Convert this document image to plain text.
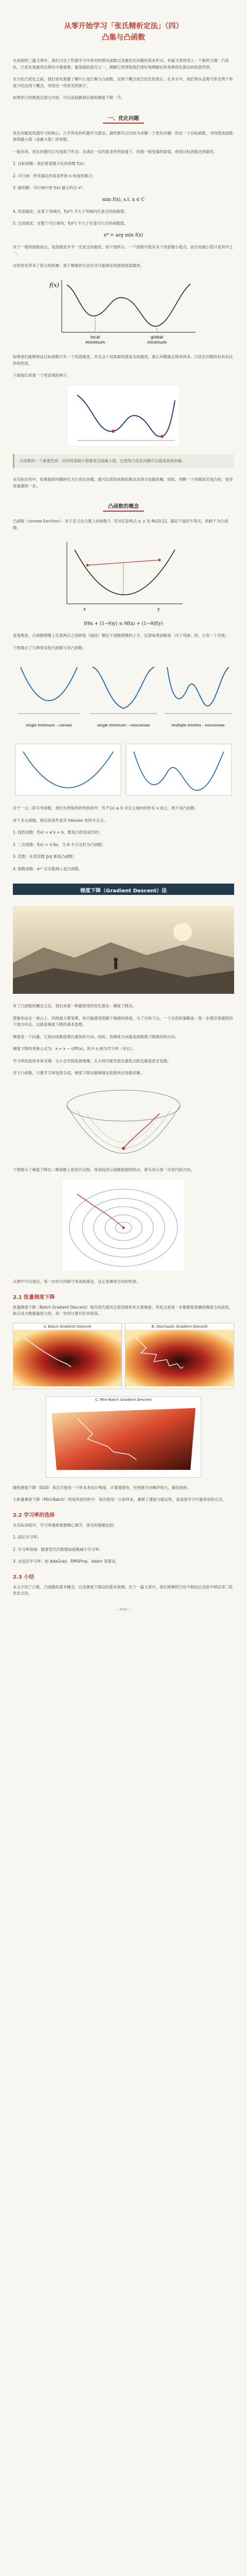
从零开始学习「张氏精析定法」（四）
凸集与凸函数

在前面的三篇文章中，我们讨论了机器学习中常见的损失函数以及最优化问题的基本形式。本篇文章将进入一个新的主题：凸优化。凸优化是最优化理论中最重要、最基础的部分之一，理解它将帮助我们更好地理解后续各种优化算法的收敛性质。

在讨论凸优化之前，我们首先需要了解什么是凸集与凸函数。这两个概念是凸优化的基石。在本文中，我们将从直观与形式两个角度介绍这两个概念，并给出一些常见的例子。

如果你已经熟悉这部分内容，可以直接跳到后面的梯度下降一节。

一、优化问题

优化问题是机器学习的核心。几乎所有的机器学习算法，最终都可以归结为求解一个优化问题：给定一个目标函数，寻找使该函数取得最小值（或最大值）的参数。

一般来说，优化问题可以写成如下形式：在满足一定约束条件的前提下，找到一组变量的取值，使得目标函数达到最优。

1. 目标函数：我们希望最小化的函数 f(x)；

2. 可行域：所有满足约束条件的 x 构成的集合；

3. 最优解：可行域中使 f(x) 最小的点 x*。

min f(x), s.t. x ∈ C

4. 局部最优：在某个邻域内，f(x*) 不大于邻域内任意点的函数值；

5. 全局最优：在整个可行域内，f(x*) 不大于任意可行点的函数值。

x* = arg min f(x)

对于一般的函数而言，局部最优并不一定是全局最优。如下图所示，一个函数可能有多个局部极小值点，而全局最小值只是其中之一。

这给优化带来了很大的困难：基于梯度的方法往往只能保证收敛到局部最优。

f(x)
local
minimum
global
minimum

如果我们能够保证目标函数只有一个局部最优，并且这个局部最优就是全局最优，那么问题就会简单得多。凸优化问题恰恰具有这样的性质。

下面我们来看一个更直观的例子。

凸函数的一个重要性质：任何局部最小值都是全局最小值。这使得凸优化问题可以被高效地求解。

在实际应用中，如果能把问题转化为凸优化问题，就可以使用成熟的算法求得全局最优解。因此，判断一个问题是否是凸的，是非常重要的一步。

凸函数的概念

凸函数（convex function）：对于定义在凸集上的函数 f，若对任意两点 x, y 及 θ∈[0,1]，满足下面的不等式，则称 f 为凸函数。

x	y
f(θx + (1−θ)y) ≤ θf(x) + (1−θ)f(y)

直观地说，凸函数图像上任意两点之间的弦（线段）都位于函数图像的上方。这意味着函数是「向下弯曲」的，只有一个谷底。

下图展示了几种常见的凸函数与非凸函数。

single minimum – convex	single minimum – nonconvex	multiple minima – nonconvex

对于一元二阶可导函数，我们有更简单的判别条件：若 f″(x) ≥ 0 对定义域内的所有 x 成立，则 f 是凸函数。

对于多元函数，相应的条件是其 Hessian 矩阵半正定。

1. 线性函数：f(x) = aᵀx + b，既是凸的也是凹的；

2. 二次函数：f(x) = xᵀAx，当 A 半正定时为凸函数；

3. 范数：任意范数 ‖x‖ 都是凸函数；

4. 指数函数：eᵃˣ 在实数域上是凸函数。

梯度下降（Gradient Descent）法

有了凸函数的概念之后，我们来看一种最常用的优化算法：梯度下降法。

想象你站在一座山上，四周被大雾笼罩，你只能感受到脚下地面的坡度。为了尽快下山，一个自然的策略是：每一步都沿着最陡的下坡方向走。这就是梯度下降的基本思想。

梯度是一个向量，它指向函数值增长最快的方向。因此，负梯度方向就是函数值下降最快的方向。

梯度下降的更新公式为：x ← x − η∇f(x)，其中 η 称为学习率（步长）。

学习率的选择非常关键：太小会导致收敛缓慢，太大则可能导致在最优点附近震荡甚至发散。

对于凸函数，只要学习率选择合适，梯度下降法能够保证收敛到全局最优解。

下图展示了梯度下降在二维函数上的迭代过程。等高线表示函数值相同的点，箭头表示每一次迭代的方向。

从图中可以看出，每一步的方向都与等高线垂直，这正是梯度方向的性质。

2.1 批量梯度下降

批量梯度下降（Batch Gradient Descent）每次迭代使用全部训练样本计算梯度。其优点是每一步都朝着准确的梯度方向前进，缺点是当数据量很大时，每一步的计算代价非常高。

A. Batch Gradient Descent	B. Stochastic Gradient Descent
C. Mini-Batch Gradient Descent

随机梯度下降（SGD）每次只使用一个样本来估计梯度，计算速度快，但更新方向噪声较大，路径曲折。

小批量梯度下降（Mini-Batch）则是两者的折中：每次使用一小批样本，兼顾了速度与稳定性，是深度学习中最常用的方式。

2.2 学习率的选择

在实际训练中，学习率通常需要精心调节。常见的策略包括：

1. 固定学习率；

2. 学习率衰减：随着迭代次数增加逐渐减小学习率；

3. 自适应学习率：如 AdaGrad、RMSProp、Adam 等算法。

2.3 小结

本文介绍了凸集、凸函数的基本概念，以及梯度下降法的基本原理。在下一篇文章中，我们将继续讨论牛顿法以及拟牛顿法等二阶优化方法。

— END —
